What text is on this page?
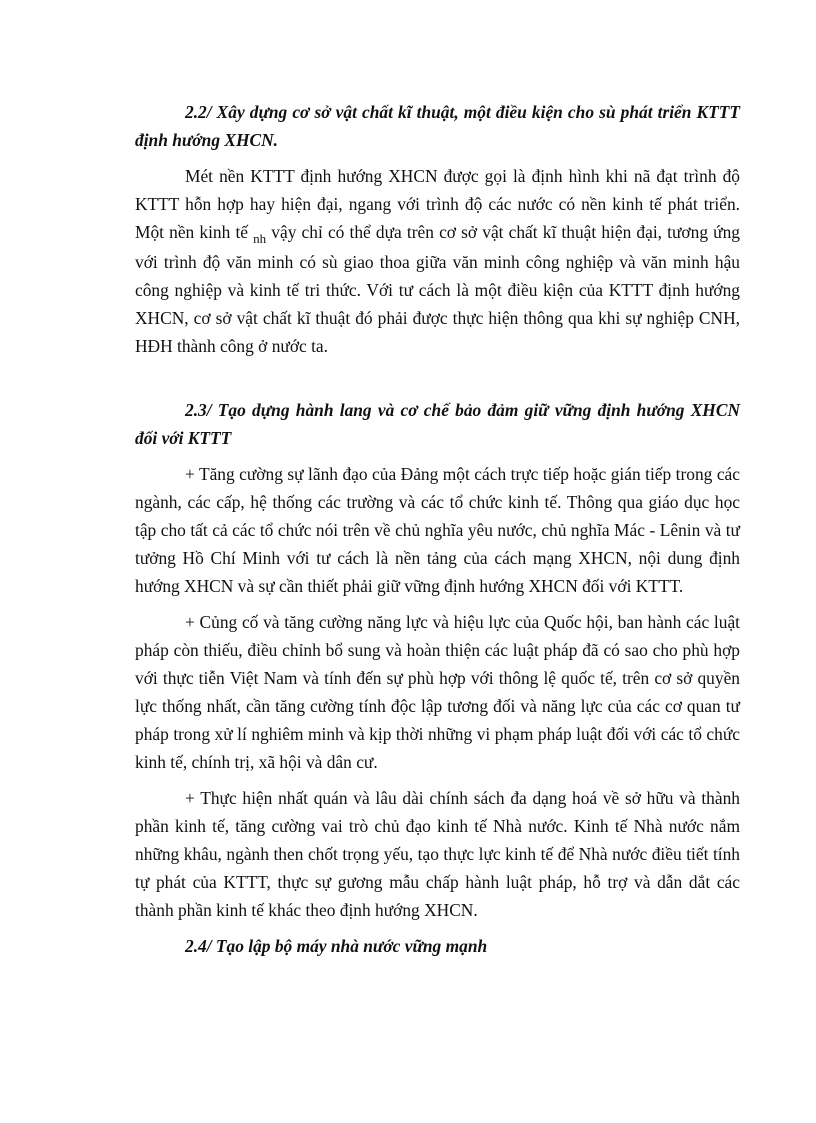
2.2/ Xây dựng cơ sở vật chất kĩ thuật, một điều kiện cho sù phát triển KTTT định hướng XHCN.

Mét nền KTTT định hướng XHCN được gọi là định hình khi nã đạt trình độ KTTT hỗn hợp hay hiện đại, ngang với trình độ các nước có nền kinh tế phát triển. Một nền kinh tế $_{nh}$ vậy chỉ có thể dựa trên cơ sở vật chất kĩ thuật hiện đại, tương ứng với trình độ văn minh có sù giao thoa giữa văn minh công nghiệp và văn minh hậu công nghiệp và kinh tế tri thức. Với tư cách là một điều kiện của KTTT định hướng XHCN, cơ sở vật chất kĩ thuật đó phải được thực hiện thông qua khi sự nghiệp CNH, HĐH thành công ở nước ta.

2.3/ Tạo dựng hành lang và cơ chế bảo đảm giữ vững định hướng XHCN đối với KTTT

+ Tăng cường sự lãnh đạo của Đảng một cách trực tiếp hoặc gián tiếp trong các ngành, các cấp, hệ thống các trường và các tổ chức kinh tế. Thông qua giáo dục học tập cho tất cả các tổ chức nói trên về chủ nghĩa yêu nước, chủ nghĩa Mác - Lênin và tư tưởng Hồ Chí Minh với tư cách là nền tảng của cách mạng XHCN, nội dung định hướng XHCN và sự cần thiết phải giữ vững định hướng XHCN đối với KTTT.

+ Củng cố và tăng cường năng lực và hiệu lực của Quốc hội, ban hành các luật pháp còn thiếu, điều chỉnh bổ sung và hoàn thiện các luật pháp đã có sao cho phù hợp với thực tiễn Việt Nam và tính đến sự phù hợp với thông lệ quốc tế, trên cơ sở quyền lực thống nhất, cần tăng cường tính độc lập tương đối và năng lực của các cơ quan tư pháp trong xử lí nghiêm minh và kịp thời những vi phạm pháp luật đối với các tổ chức kinh tế, chính trị, xã hội và dân cư.

+ Thực hiện nhất quán và lâu dài chính sách đa dạng hoá về sở hữu và thành phần kinh tế, tăng cường vai trò chủ đạo kinh tế Nhà nước. Kinh tế Nhà nước nắm những khâu, ngành then chốt trọng yếu, tạo thực lực kinh tế để Nhà nước điều tiết tính tự phát của KTTT, thực sự gương mẫu chấp hành luật pháp, hỗ trợ và dẫn dắt các thành phần kinh tế khác theo định hướng XHCN.

2.4/ Tạo lập bộ máy nhà nước vững mạnh
